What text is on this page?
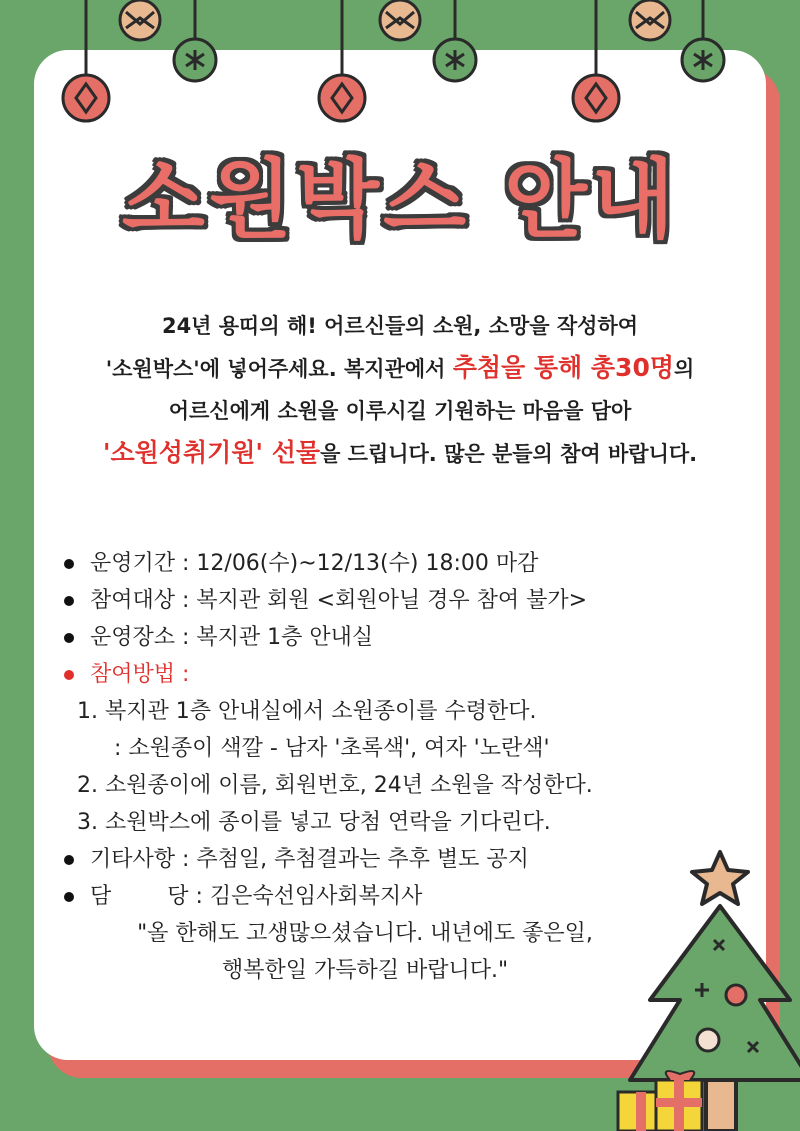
소원박스 안내
24년 용띠의 해! 어르신들의 소원, 소망을 작성하여
'소원박스'에 넣어주세요. 복지관에서 추첨을 통해 총30명의
어르신에게 소원을 이루시길 기원하는 마음을 담아
'소원성취기원' 선물을 드립니다. 많은 분들의 참여 바랍니다.
운영기간 : 12/06(수)~12/13(수) 18:00 마감
참여대상 : 복지관 회원 <회원아닐 경우 참여 불가>
운영장소 : 복지관 1층 안내실
참여방법 :
1. 복지관 1층 안내실에서 소원종이를 수령한다.
: 소원종이 색깔 - 남자 '초록색', 여자 '노란색'
2. 소원종이에 이름, 회원번호, 24년 소원을 작성한다.
3. 소원박스에 종이를 넣고 당첨 연락을 기다린다.
기타사항 : 추첨일, 추첨결과는 추후 별도 공지
담        당 : 김은숙선임사회복지사
"올 한해도 고생많으셨습니다. 내년에도 좋은일,
행복한일 가득하길 바랍니다."
